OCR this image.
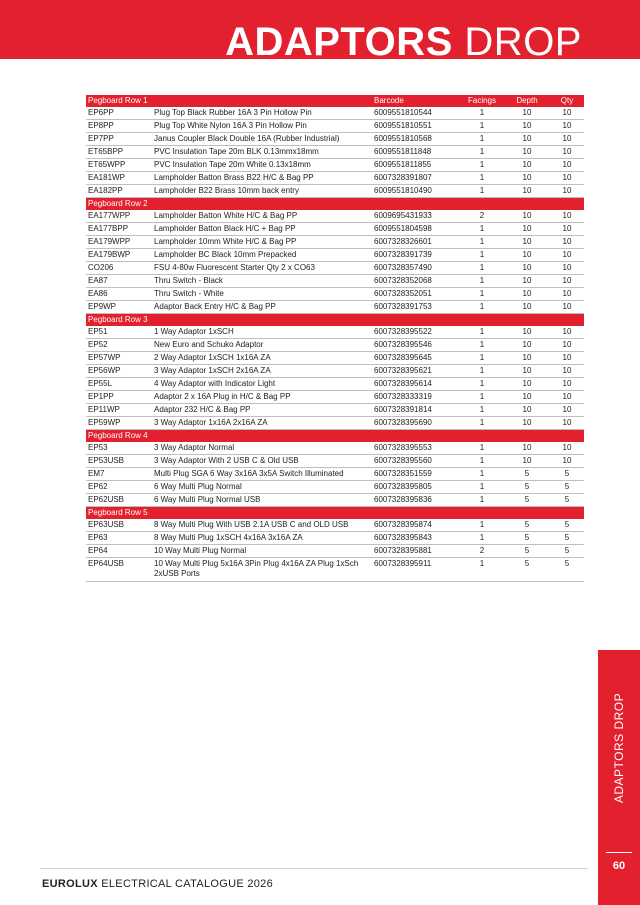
ADAPTORS DROP
Pegboard Row 1		Barcode	Facings	Depth	Qty
EP6PP	Plug Top Black Rubber 16A 3 Pin Hollow Pin	6009551810544	1	10	10
EP8PP	Plug Top White Nylon 16A 3 Pin Hollow Pin	6009551810551	1	10	10
EP7PP	Janus Coupler Black Double 16A (Rubber Industrial)	6009551810568	1	10	10
ET65BPP	PVC Insulation Tape 20m BLK 0.13mmx18mm	6009551811848	1	10	10
ET65WPP	PVC Insulation Tape 20m White 0.13x18mm	6009551811855	1	10	10
EA181WP	Lampholder Batton Brass B22 H/C & Bag PP	6007328391807	1	10	10
EA182PP	Lampholder B22 Brass 10mm back entry	6009551810490	1	10	10
Pegboard Row 2					
EA177WPP	Lampholder Batton White H/C & Bag PP	6009695431933	2	10	10
EA177BPP	Lampholder Batton Black H/C + Bag PP	6009551804598	1	10	10
EA179WPP	Lampholder 10mm White H/C & Bag PP	6007328326601	1	10	10
EA179BWP	Lampholder BC Black 10mm Prepacked	6007328391739	1	10	10
CO206	FSU 4-80w Fluorescent Starter Qty 2 x CO63	6007328357490	1	10	10
EA87	Thru Switch - Black	6007328352068	1	10	10
EA86	Thru Switch - White	6007328352051	1	10	10
EP9WP	Adaptor Back Entry H/C & Bag PP	6007328391753	1	10	10
Pegboard Row 3					
EP51	1 Way Adaptor 1xSCH	6007328395522	1	10	10
EP52	New Euro and Schuko Adaptor	6007328395546	1	10	10
EP57WP	2 Way Adaptor 1xSCH 1x16A ZA	6007328395645	1	10	10
EP56WP	3 Way Adaptor 1xSCH 2x16A ZA	6007328395621	1	10	10
EP55L	4 Way Adaptor with Indicator Light	6007328395614	1	10	10
EP1PP	Adaptor 2 x 16A Plug in H/C & Bag PP	6007328333319	1	10	10
EP11WP	Adaptor 232 H/C & Bag PP	6007328391814	1	10	10
EP59WP	3 Way Adaptor 1x16A 2x16A ZA	6007328395690	1	10	10
Pegboard Row 4					
EP53	3 Way Adaptor Normal	6007328395553	1	10	10
EP53USB	3 Way Adaptor With 2 USB C & Old USB	6007328395560	1	10	10
EM7	Multi Plug SGA 6 Way 3x16A 3x5A Switch Illuminated	6007328351559	1	5	5
EP62	6 Way Multi Plug Normal	6007328395805	1	5	5
EP62USB	6 Way Multi Plug Normal USB	6007328395836	1	5	5
Pegboard Row 5					
EP63USB	8 Way Multi Plug With USB 2.1A USB C and OLD USB	6007328395874	1	5	5
EP63	8 Way Multi Plug 1xSCH 4x16A 3x16A ZA	6007328395843	1	5	5
EP64	10 Way Multi Plug Normal	6007328395881	2	5	5
EP64USB	10 Way Multi Plug 5x16A 3Pin Plug 4x16A ZA Plug 1xSch 2xUSB Ports	6007328395911	1	5	5
ADAPTORS DROP
60
EUROLUX ELECTRICAL CATALOGUE 2026
